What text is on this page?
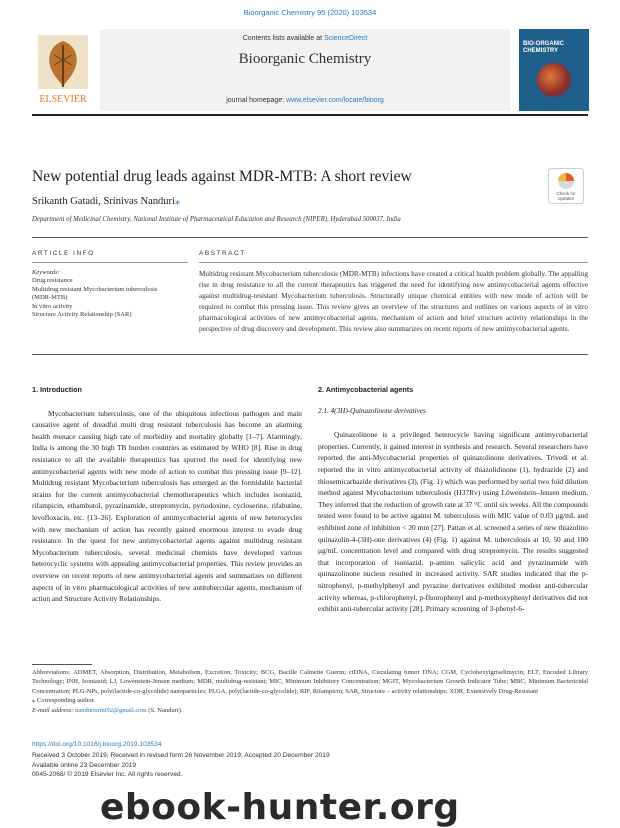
Bioorganic Chemistry 95 (2020) 103534
ELSEVIER
Contents lists available at ScienceDirect
Bioorganic Chemistry
journal homepage: www.elsevier.com/locate/bioorg
BIO-ORGANIC CHEMISTRY
New potential drug leads against MDR-MTB: A short review
Check for
updates
Srikanth Gatadi, Srinivas Nanduri⁎
Department of Medicinal Chemistry, National Institute of Pharmaceutical Education and Research (NIPER), Hyderabad 500037, India
ARTICLE INFO	ABSTRACT
Keywords:
Drug resistance
Multidrug resistant Mycobacterium tuberculosis
(MDR-MTB)
In vitro activity
Structure Activity Relationship (SAR)
Multidrug resistant Mycobacterium tuberculosis (MDR-MTB) infections have created a critical health problem globally. The appalling rise in drug resistance to all the current therapeutics has triggered the need for identifying new antimycobacterial agents effective against multidrug-resistant Mycobacterium tuberculosis. Structurally unique chemical entities with new mode of action will be required to combat this pressing issue. This review gives an overview of the structures and outlines on various aspects of in vitro pharmacological activities of new antimycobacterial agents, mechanism of action and brief structure activity relationships in the perspective of drug discovery and development. This review also summarizes on recent reports of new antimycobacterial agents.
1. Introduction
Mycobacterium tuberculosis, one of the ubiquitous infectious pathogen and main causative agent of dreadful multi drug resistant tuberculosis has become an alarming health menace causing high rate of morbidity and mortality globally [1–7]. Alarmingly, India is among the 30 high TB burden countries as estimated by WHO [8]. Rise in drug resistance to all the available therapeutics has spurred the need for identifying new antimycobacterial agents with new mode of action to combat this pressing issue [9–12]. Multidrug resistant Mycobacterium tuberculosis has emerged as the formidable bacterial strains for the current antimycobacterial chemotherapeutics which includes isoniazid, rifampicin, ethambutol, pyrazinamide, streptomycin, pyriodoxine, cycloserine, rifabutine, levofloxacin, etc. [13–26]. Exploration of antimycobacterial agents of new heterocycles with new mechanism of action has recently gained enormous interest to evade drug resistance. In the quest for new antimycobacterial agents against multidrug resistant Mycobacterium tuberculosis, several medicinal chemists have developed various heterocyclic systems with appealing antimycobacterial properties. This review provides an overview on recent reports of new antimycobacterial agents and summarizes on different aspects of in vitro pharmacological activities of new antitubercular agents, mechanism of action and Structure Activity Relationships.
2. Antimycobacterial agents
2.1. 4(3H)-Quinazolinone derivatives
Quinazolinone is a privileged heterocycle having significant antimycobacterial properties. Currently, it gained interest in synthesis and research. Several researchers have reported the anti-Mycobacterial properties of quinazolinone derivatives. Trivedi et al. reported the in vitro antimycobacterial activity of thiazolidinone (1), hydrazide (2) and thiosemicarbazide derivatives (3), (Fig. 1) which was performed by serial two fold dilution method against Mycobacterium tuberculosis (H37Rv) using Löwenstein–Jensen medium. They inferred that the reduction of growth rate at 37 °C until six weeks. All the compounds tested were found to be active against M. tuberculosis with MIC value of 0.03 μg/mL and exhibited zone of inhibition < 20 mm [27]. Pattan et al. screened a series of new thiazolino quinazolin-4-(3H)-one derivatives (4) (Fig. 1) against M. tuberculosis at 10, 50 and 100 μg/mL concentration level and compared with drug streptomycin. The results suggested that incorporation of isoniazid, p-amino salicylic acid and pyrazinamide with quinazolinone nucleus resulted in increased activity. SAR studies indicated that the p-nitrophenyl, p-methylphenyl and pyrazine derivatives exhibited modest anti-tubercular activity whereas, p-chlorophenyl, p-fluorophenyl and p-methoxyphenyl derivatives did not exhibit anti-tubercular activity [28]. Primary screening of 3-phenyl-6-
Abbreviations: ADMET, Absorption, Distribution, Metabolism, Excretion, Toxicity; BCG, Bacille Calmette Guerin; ctDNA, Circulating tumor DNA; CGM, Cyclohexylgriselimycin; ELT, Encoded Library Technology; INH, Isoniazid; LJ, Lowenstein-Jensen medium; MDR, multidrug-resistant; MIC, Minimum Inhibitory Concentration; MGIT, Mycobacterium Growth Indicator Tube; MBC, Minimum Bactericidal Concentration; PLG-NPs, poly(lactide-co-glycolide) nanoparticles; PLGA, poly(lactide-co-glycolide); RIF, Rifampicin; SAR, Structure – activity relationships; XDR, Extensively Drug-Resistant
⁎ Corresponding author.
E-mail address: nandurisrini92@gmail.com (S. Nanduri).
https://doi.org/10.1016/j.bioorg.2019.103534
Received 3 October 2019; Received in revised form 26 November 2019; Accepted 20 December 2019
Available online 23 December 2019
0045-2068/ © 2019 Elsevier Inc. All rights reserved.
ebook-hunter.org
